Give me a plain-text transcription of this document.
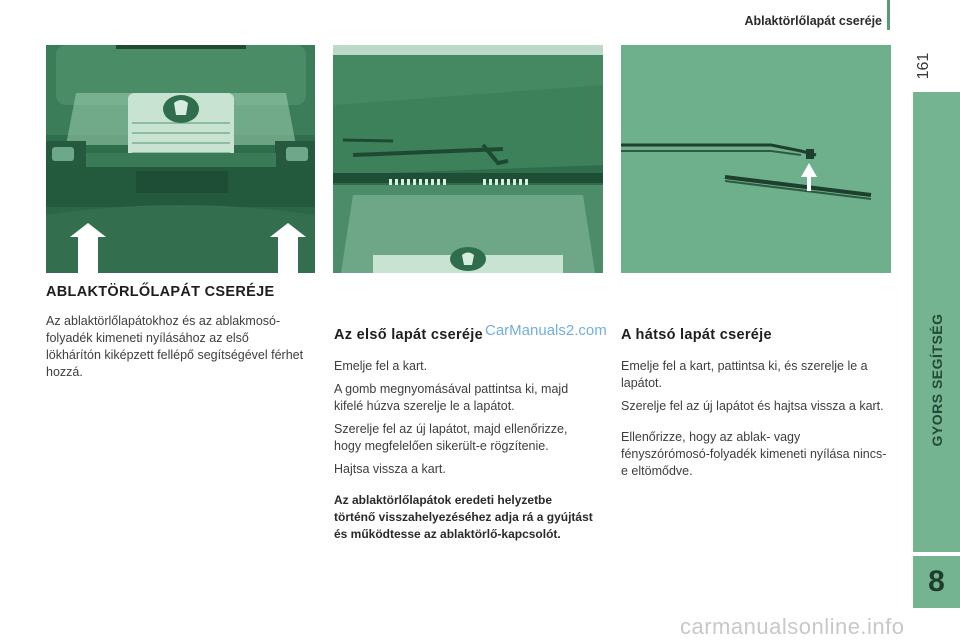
Ablaktörlőlapát cseréje
161
GYORS SEGÍTSÉG
8
ABLAKTÖRLŐLAPÁT CSERÉJE

Az ablaktörlőlapátokhoz és az ablakmosó-folyadék kimeneti nyílásához az első lökhárítón kiképzett fellépő segítségével férhet hozzá.

Az első lapát cseréje

Emelje fel a kart.

A gomb megnyomásával pattintsa ki, majd kifelé húzva szerelje le a lapátot.

Szerelje fel az új lapátot, majd ellenőrizze, hogy megfelelően sikerült-e rögzítenie.

Hajtsa vissza a kart.

Az ablaktörlőlapátok eredeti helyzetbe történő visszahelyezéséhez adja rá a gyújtást és működtesse az ablaktörlő-kapcsolót.

A hátsó lapát cseréje

Emelje fel a kart, pattintsa ki, és szerelje le a lapátot.

Szerelje fel az új lapátot és hajtsa vissza a kart.

Ellenőrizze, hogy az ablak- vagy fényszórómosó-folyadék kimeneti nyílása nincs-e eltömődve.

CarManuals2.com
carmanualsonline.info
